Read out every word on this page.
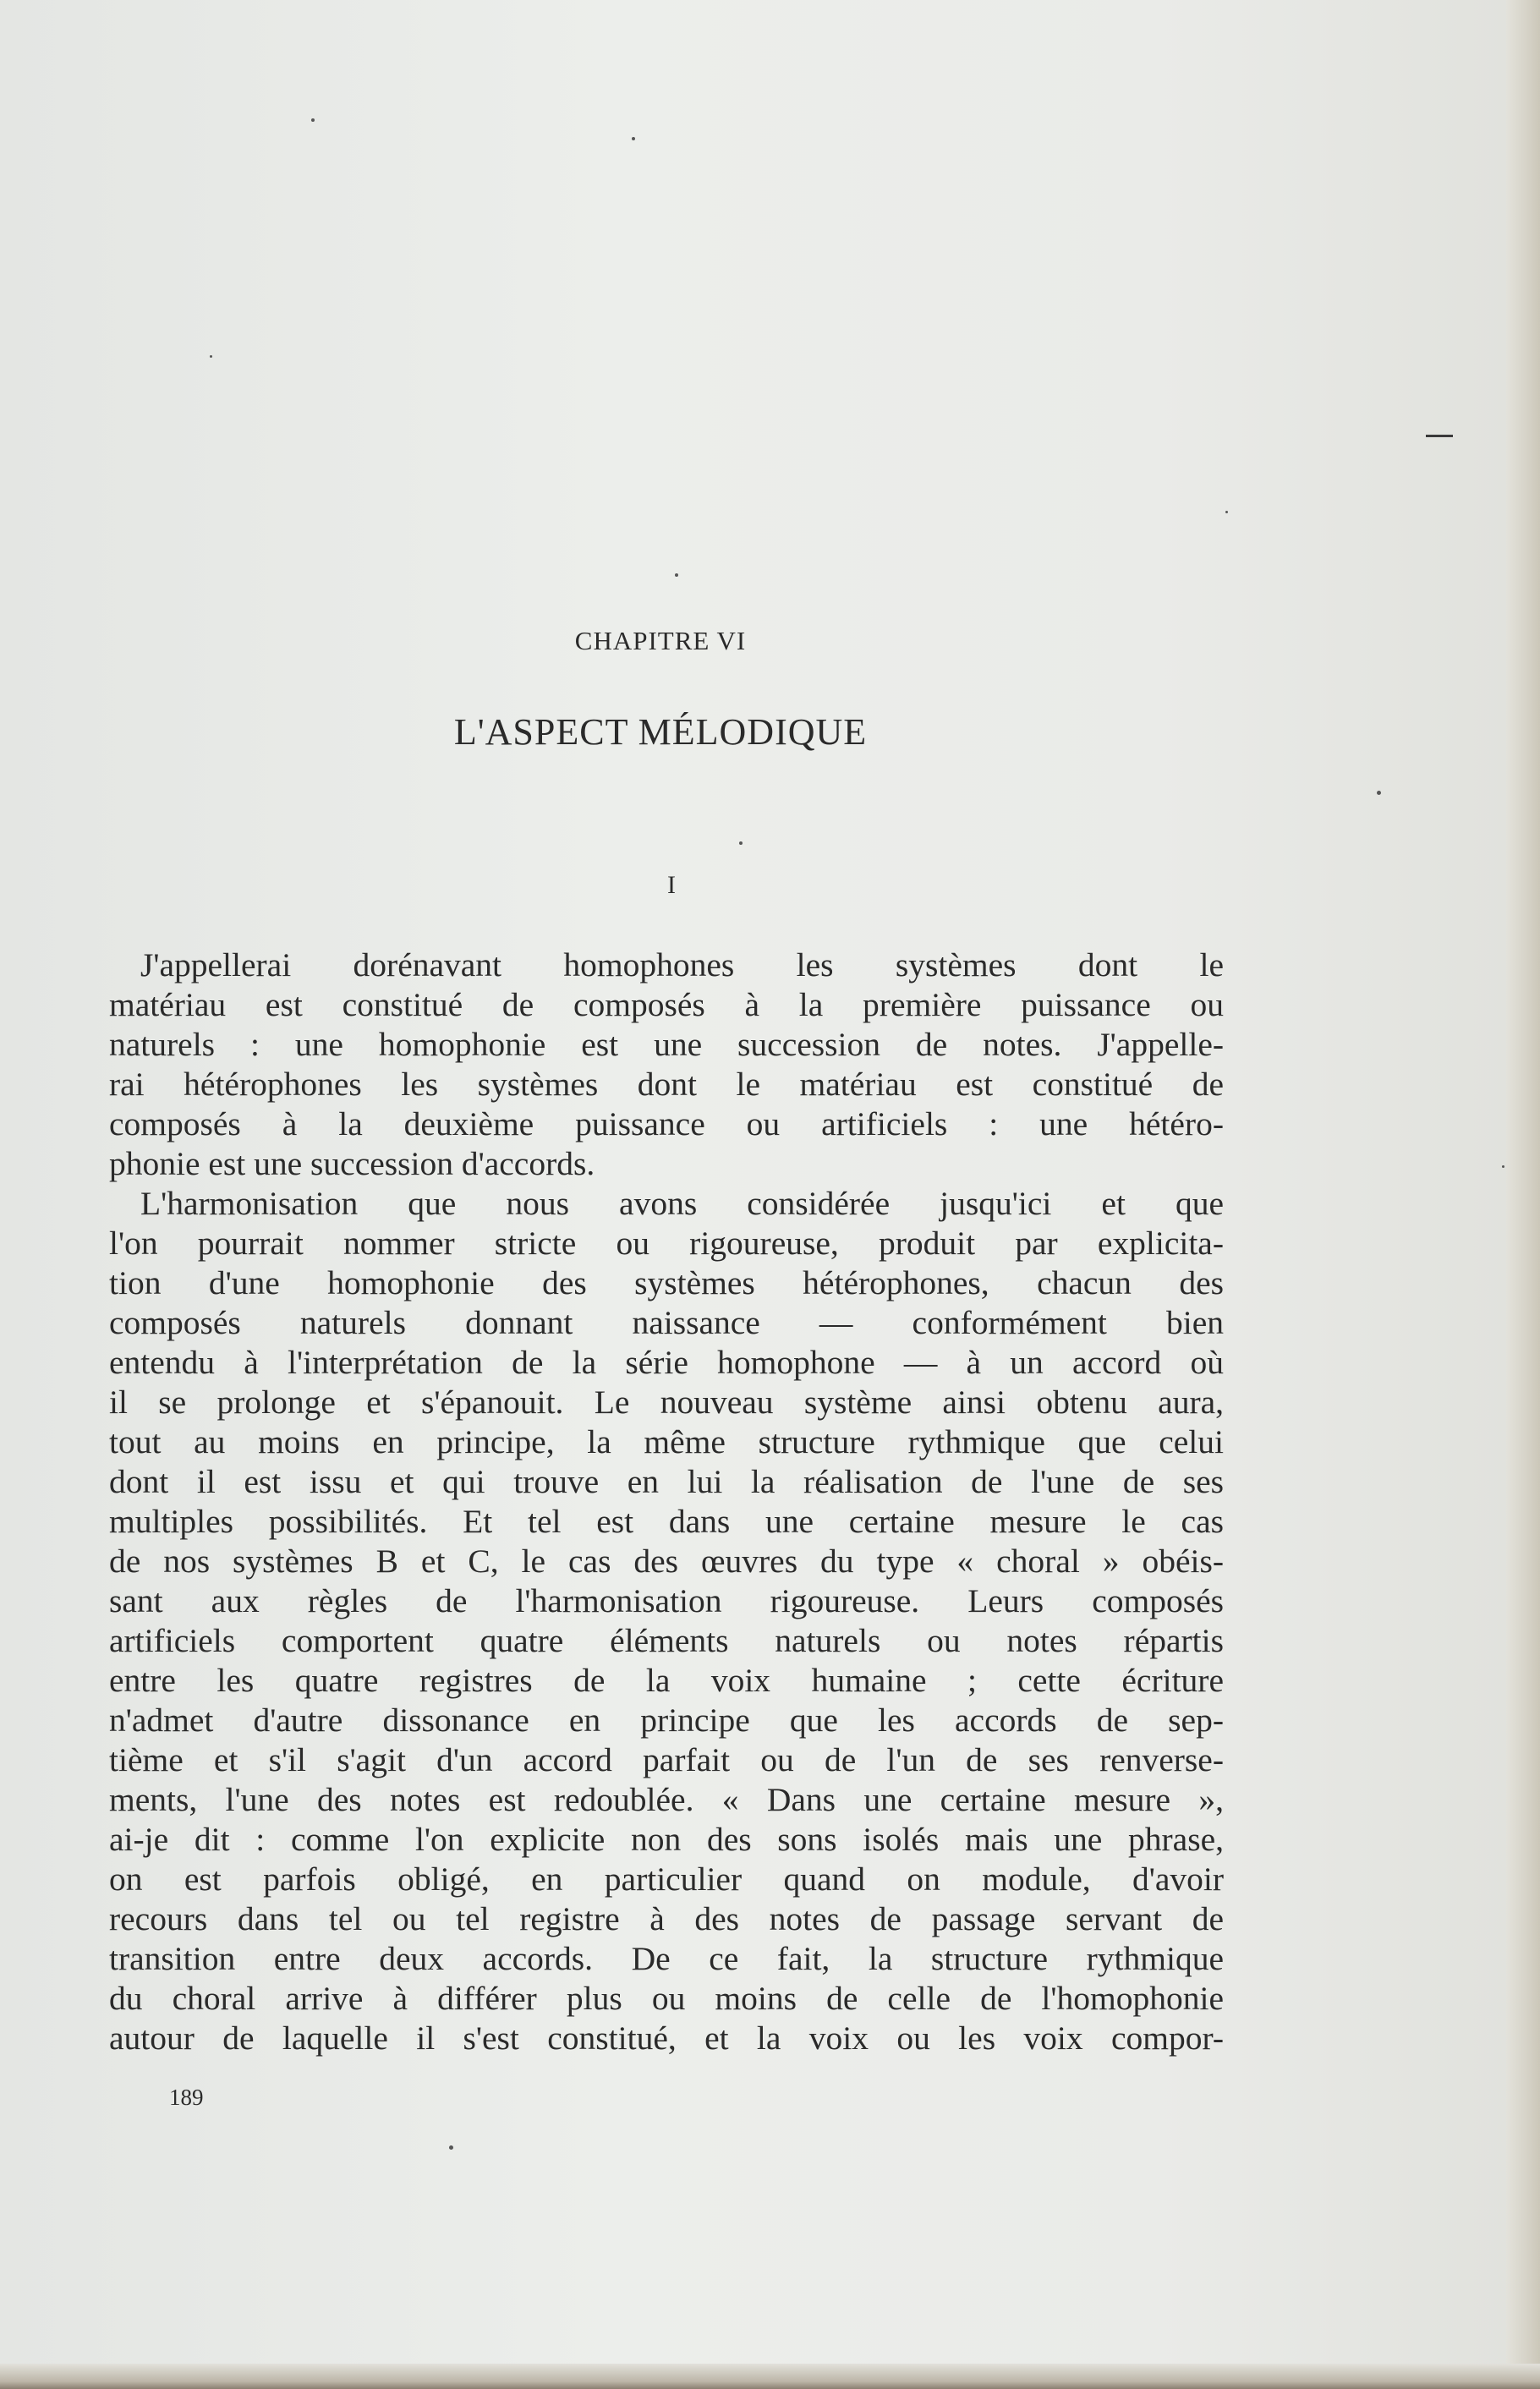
CHAPITRE VI
L'ASPECT MÉLODIQUE
I
J'appellerai dorénavant homophones les systèmes dont le
matériau est constitué de composés à la première puissance ou
naturels : une homophonie est une succession de notes. J'appelle-
rai hétérophones les systèmes dont le matériau est constitué de
composés à la deuxième puissance ou artificiels : une hétéro-
phonie est une succession d'accords.
L'harmonisation que nous avons considérée jusqu'ici et que
l'on pourrait nommer stricte ou rigoureuse, produit par explicita-
tion d'une homophonie des systèmes hétérophones, chacun des
composés naturels donnant naissance — conformément bien
entendu à l'interprétation de la série homophone — à un accord où
il se prolonge et s'épanouit. Le nouveau système ainsi obtenu aura,
tout au moins en principe, la même structure rythmique que celui
dont il est issu et qui trouve en lui la réalisation de l'une de ses
multiples possibilités. Et tel est dans une certaine mesure le cas
de nos systèmes B et C, le cas des œuvres du type « choral » obéis-
sant aux règles de l'harmonisation rigoureuse. Leurs composés
artificiels comportent quatre éléments naturels ou notes répartis
entre les quatre registres de la voix humaine ; cette écriture
n'admet d'autre dissonance en principe que les accords de sep-
tième et s'il s'agit d'un accord parfait ou de l'un de ses renverse-
ments, l'une des notes est redoublée. « Dans une certaine mesure »,
ai-je dit : comme l'on explicite non des sons isolés mais une phrase,
on est parfois obligé, en particulier quand on module, d'avoir
recours dans tel ou tel registre à des notes de passage servant de
transition entre deux accords. De ce fait, la structure rythmique
du choral arrive à différer plus ou moins de celle de l'homophonie
autour de laquelle il s'est constitué, et la voix ou les voix compor-
189
